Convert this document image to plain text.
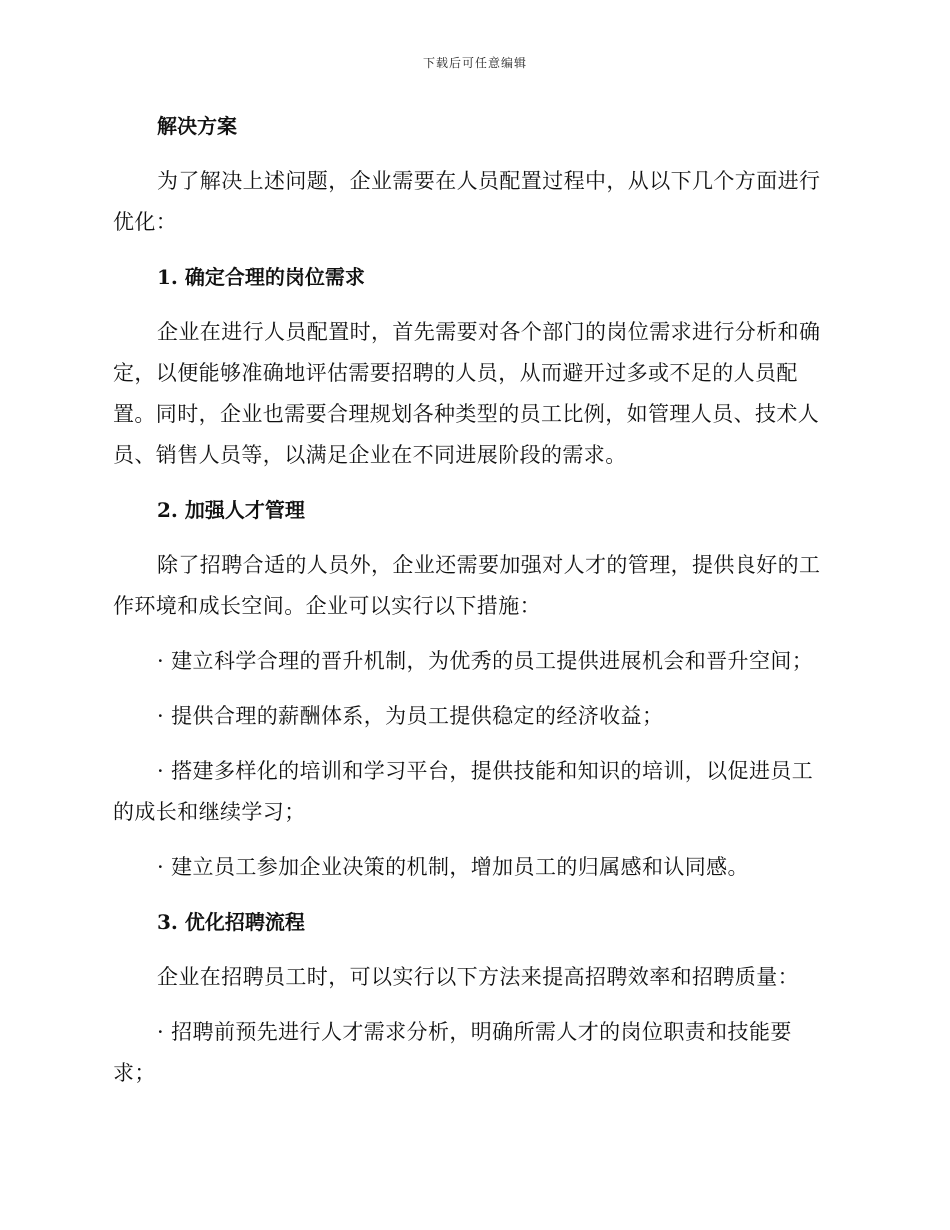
下载后可任意编辑
解决方案

为了解决上述问题，企业需要在人员配置过程中，从以下几个方面进行优化：

1. 确定合理的岗位需求

企业在进行人员配置时，首先需要对各个部门的岗位需求进行分析和确定，以便能够准确地评估需要招聘的人员，从而避开过多或不足的人员配置。同时，企业也需要合理规划各种类型的员工比例，如管理人员、技术人员、销售人员等，以满足企业在不同进展阶段的需求。

2. 加强人才管理

除了招聘合适的人员外，企业还需要加强对人才的管理，提供良好的工作环境和成长空间。企业可以实行以下措施：

· 建立科学合理的晋升机制，为优秀的员工提供进展机会和晋升空间；

· 提供合理的薪酬体系，为员工提供稳定的经济收益；

· 搭建多样化的培训和学习平台，提供技能和知识的培训，以促进员工的成长和继续学习；

· 建立员工参加企业决策的机制，增加员工的归属感和认同感。

3. 优化招聘流程

企业在招聘员工时，可以实行以下方法来提高招聘效率和招聘质量：

· 招聘前预先进行人才需求分析，明确所需人才的岗位职责和技能要求；
